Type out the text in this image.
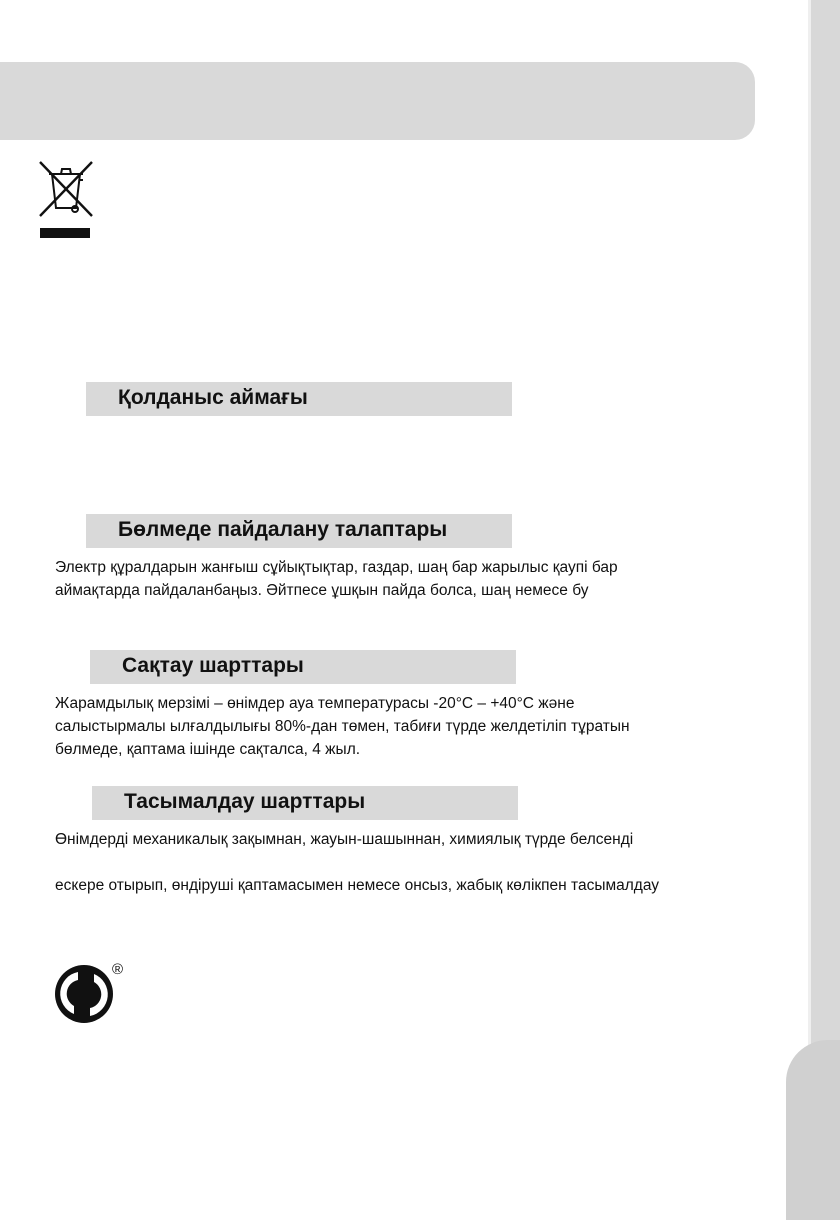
Қолданыс аймағы
Бөлмеде пайдалану талаптары
Электр құралдарын жанғыш сұйықтықтар, газдар, шаң бар жарылыс қаупі бар
аймақтарда пайдаланбаңыз. Әйтпесе ұшқын пайда болса, шаң немесе бу
Сақтау шарттары
Жарамдылық мерзімі – өнімдер ауа температурасы -20°C – +40°C және
салыстырмалы ылғалдылығы 80%-дан төмен, табиғи түрде желдетіліп тұратын
бөлмеде, қаптама ішінде сақталса, 4 жыл.
Тасымалдау шарттары
Өнімдерді механикалық зақымнан, жауын-шашыннан, химиялық түрде белсенді
ескере отырып, өндіруші қаптамасымен немесе онсыз, жабық көлікпен тасымалдау
®
